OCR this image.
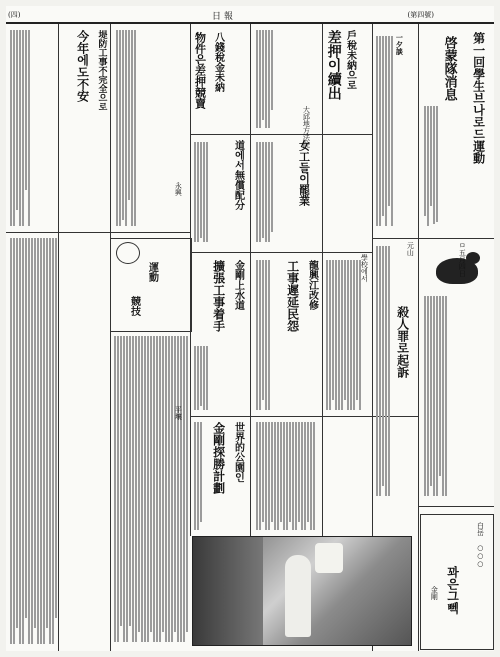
(四)	日 報	(第四號)
第一回學生브나로드運動
啓蒙隊消息
ㅁ五月四日
一夕談
戶稅未納으로
差押이續出
大邱地方法院
八錢稅金未納
物件은差押競賣
堤防工事不完全으로
今年에도不安
道에서無償配分	女工들이罷業
金剛上水道
擴張工事着手	龍興江改修
工事遲延民怨
殺人罪로起訴
世界的公園인
金剛探勝計劃
運動
競技
꽈은그뻭
金剛
白岳 ○○○
永興
學校에서
平壤
元山
